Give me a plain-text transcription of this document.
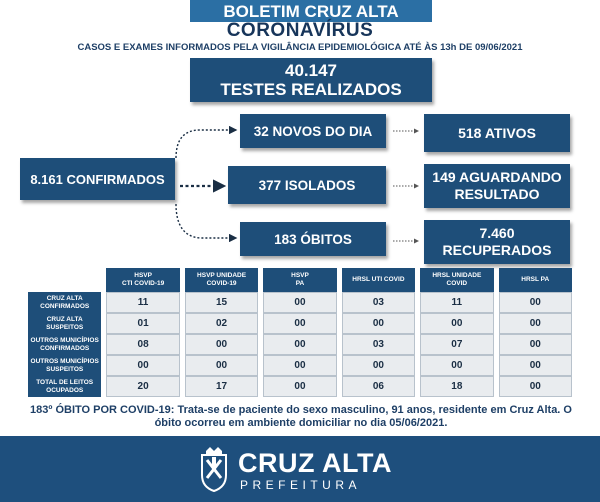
BOLETIM CRUZ ALTA
CORONAVÍRUS
CASOS E EXAMES INFORMADOS PELA VIGILÂNCIA EPIDEMIOLÓGICA ATÉ ÀS 13h DE 09/06/2021
40.147
TESTES REALIZADOS
8.161 CONFIRMADOS
32 NOVOS DO DIA
377 ISOLADOS
183 ÓBITOS
518 ATIVOS
149 AGUARDANDO
RESULTADO
7.460
RECUPERADOS
HSVP
CTI COVID-19
HSVP UNIDADE
COVID-19
HSVP
PA
HRSL UTI COVID
HRSL UNIDADE
COVID
HRSL PA
CRUZ ALTA
CONFIRMADOS	11	15	00	03	11	00
CRUZ ALTA
SUSPEITOS	01	02	00	00	00	00
OUTROS MUNICÍPIOS
CONFIRMADOS	08	00	00	03	07	00
OUTROS MUNICÍPIOS
SUSPEITOS	00	00	00	00	00	00
TOTAL DE LEITOS
OCUPADOS	20	17	00	06	18	00
183º ÓBITO POR COVID-19: Trata-se de paciente do sexo masculino, 91 anos, residente em Cruz Alta. O óbito ocorreu em ambiente domiciliar no dia 05/06/2021.
CRUZ ALTA
PREFEITURA
